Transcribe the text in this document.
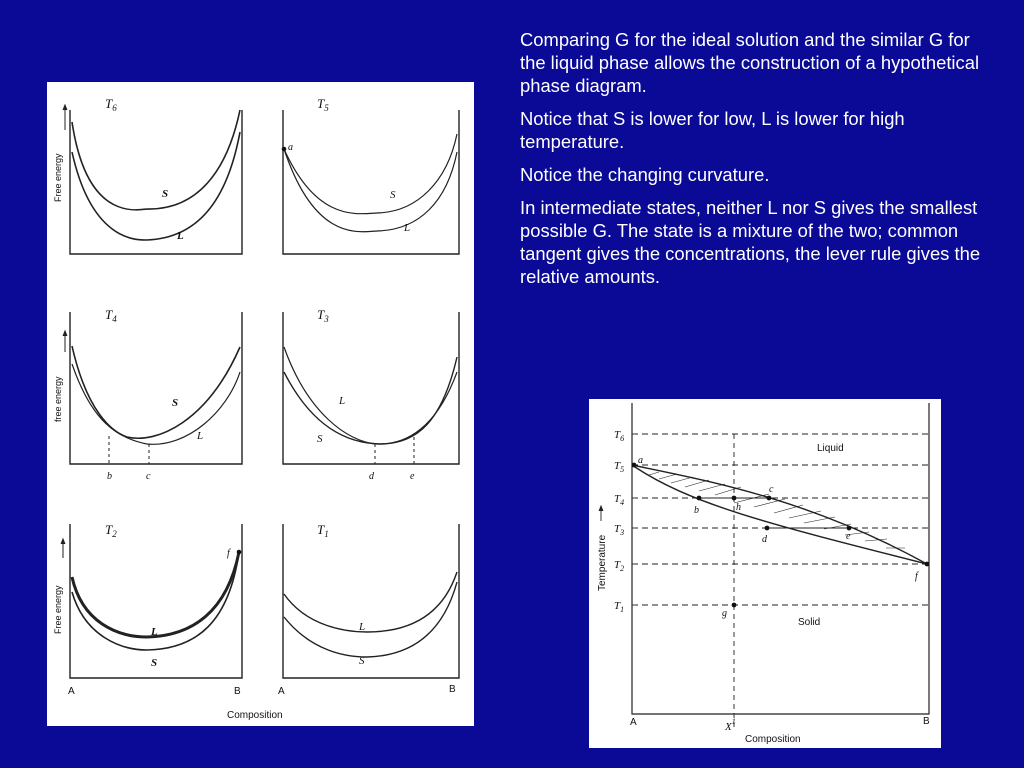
Free energy
free energy
Free energy
$T_6$	$T_5$
$T_4$	$T_3$
$T_2$	$T_1$
S
L
a
S
L
S
L
b	c
L
S
d	e
f
L
S
L
S
A	B	A	B
Composition

Comparing G for the ideal solution and the similar G for the liquid phase allows the construction of a hypothetical phase diagram.

Notice that S is lower for low, L is lower for high temperature.

Notice the changing curvature.

In intermediate states, neither L nor S gives the smallest possible G. The state is a mixture of the two; common tangent gives the concentrations, the lever rule gives the relative amounts.

$T_6$
$T_5$
$T_4$
$T_3$
$T_2$
$T_1$
a
b	h
c
d	e
f
g
Liquid
Solid
Temperature
A	B
$X^1$
Composition
